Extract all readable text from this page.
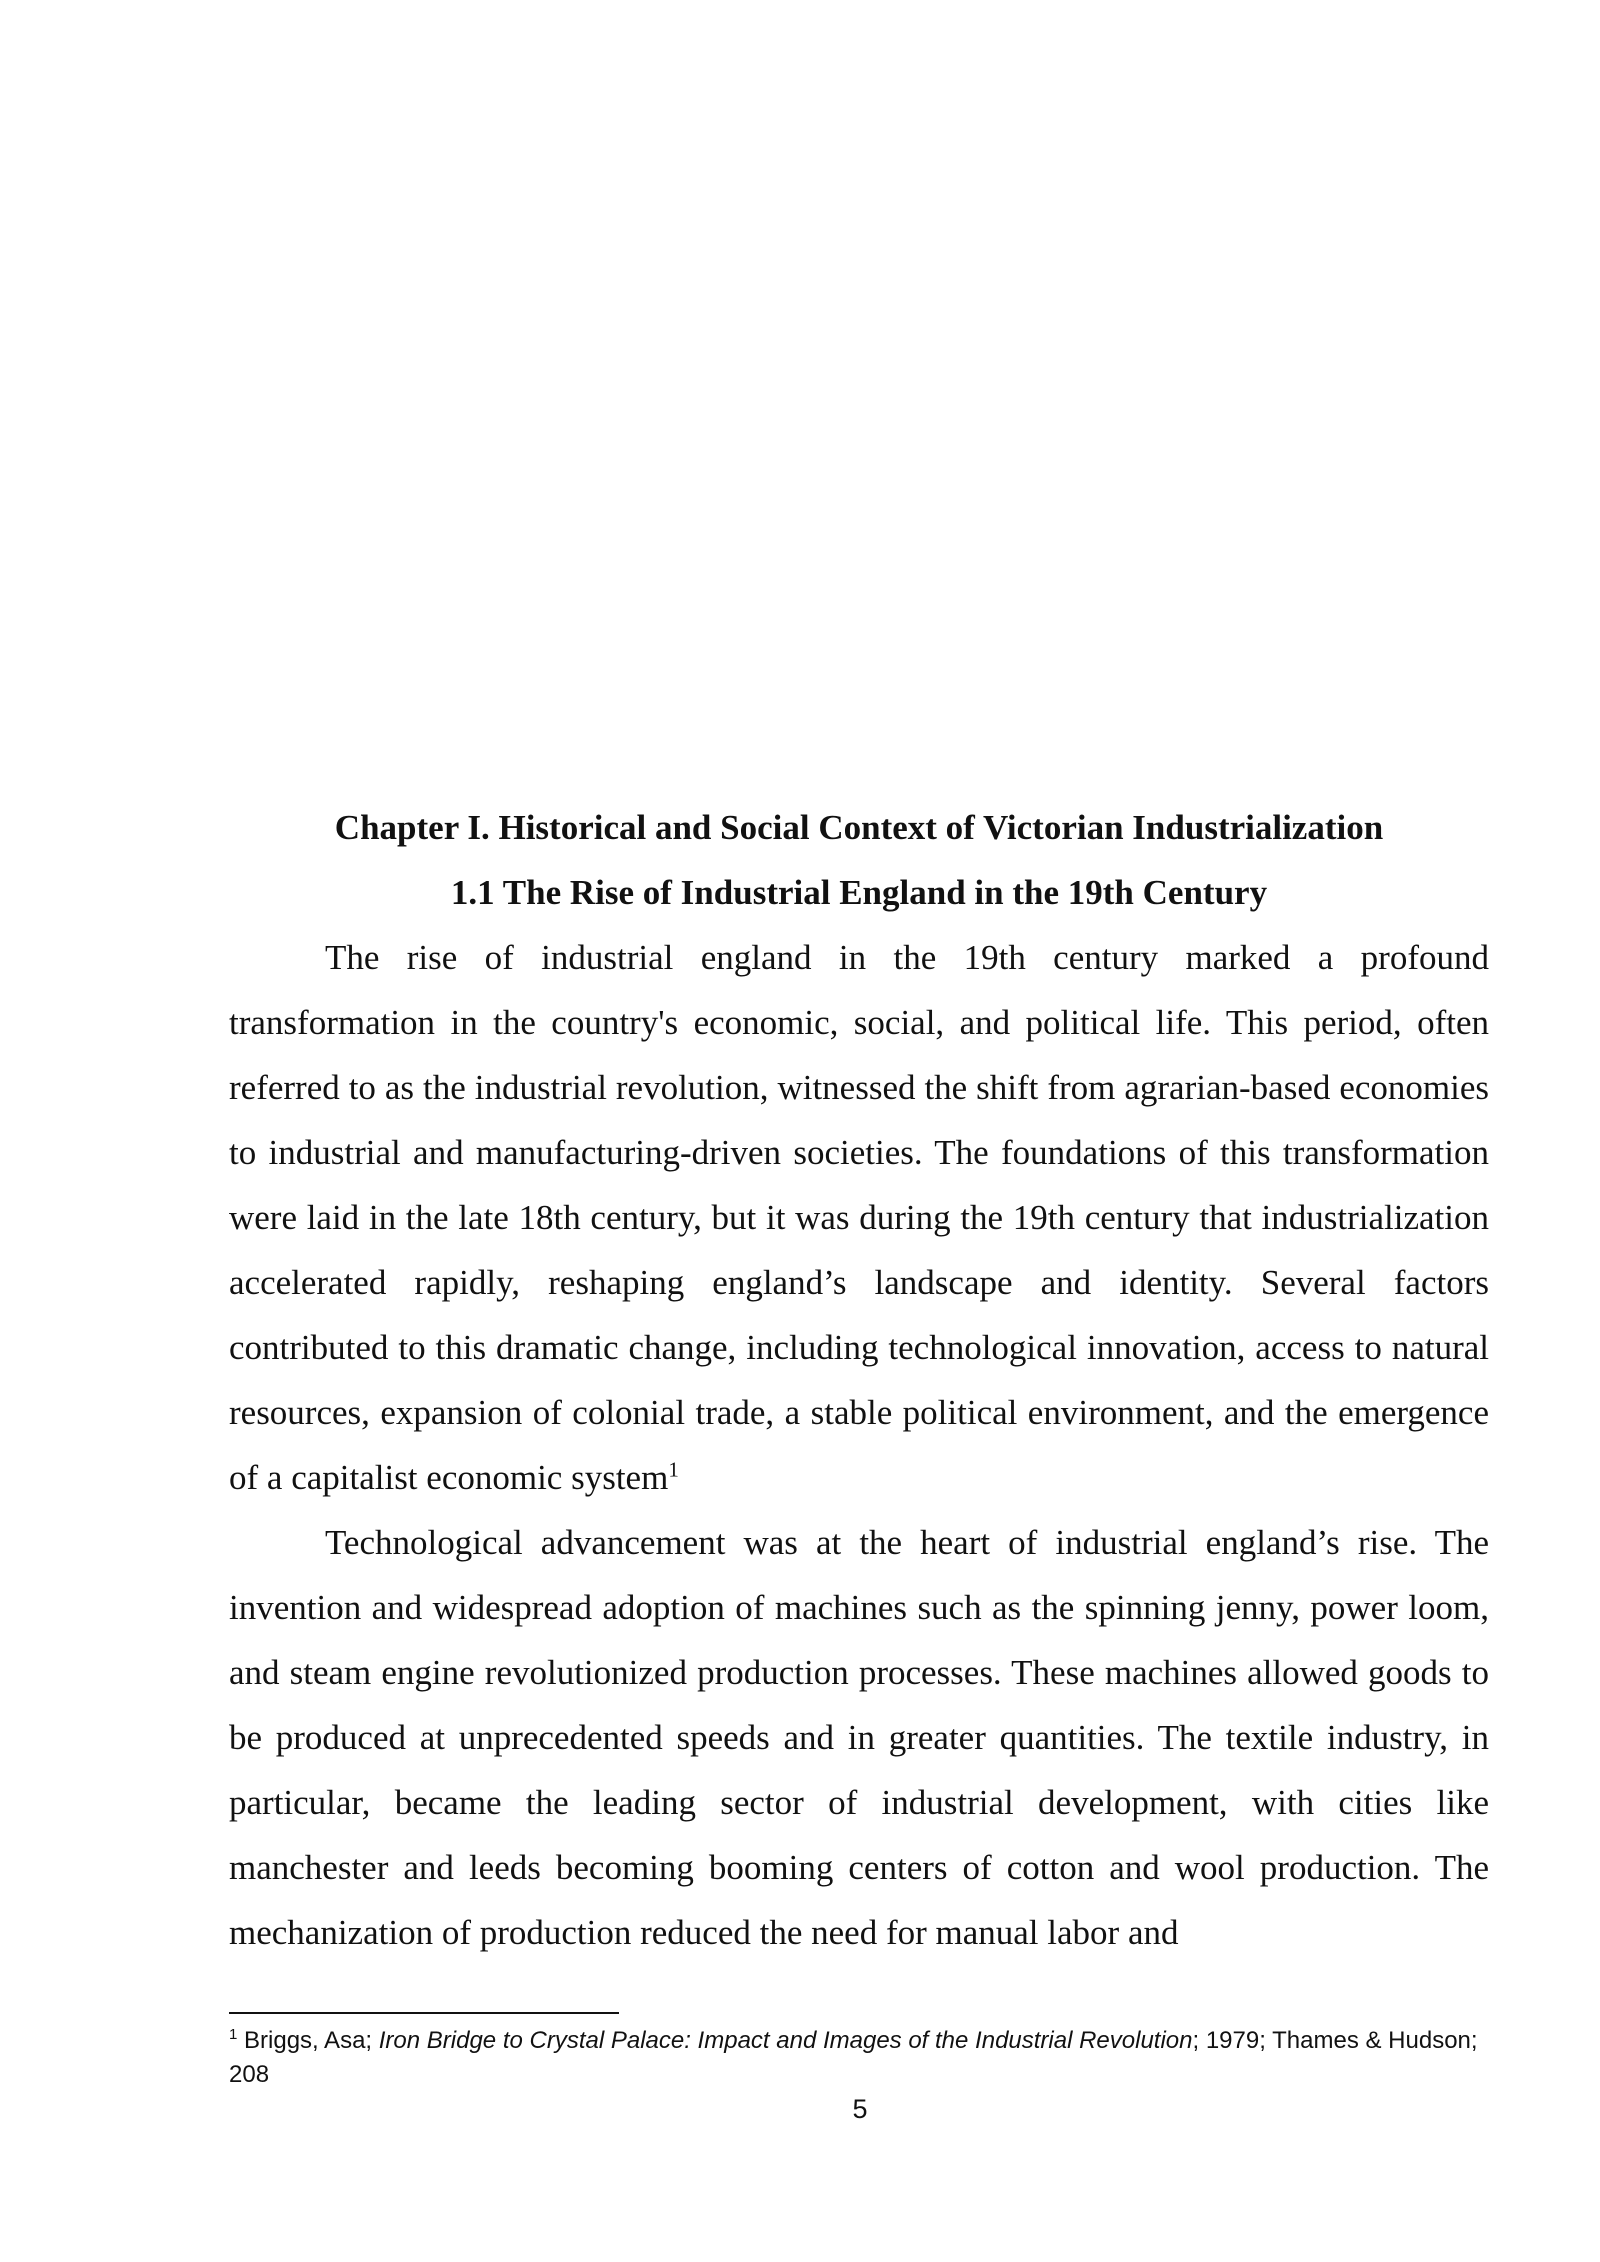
Chapter I. Historical and Social Context of Victorian Industrialization
1.1 The Rise of Industrial England in the 19th Century

The rise of industrial england in the 19th century marked a profound transformation in the country's economic, social, and political life. This period, often referred to as the industrial revolution, witnessed the shift from agrarian-based economies to industrial and manufacturing-driven societies. The foundations of this transformation were laid in the late 18th century, but it was during the 19th century that industrialization accelerated rapidly, reshaping england’s landscape and identity. Several factors contributed to this dramatic change, including technological innovation, access to natural resources, expansion of colonial trade, a stable political environment, and the emergence of a capitalist economic system$^1$

Technological advancement was at the heart of industrial england’s rise. The invention and widespread adoption of machines such as the spinning jenny, power loom, and steam engine revolutionized production processes. These machines allowed goods to be produced at unprecedented speeds and in greater quantities. The textile industry, in particular, became the leading sector of industrial development, with cities like manchester and leeds becoming booming centers of cotton and wool production. The mechanization of production reduced the need for manual labor and

$^1$ Briggs, Asa; Iron Bridge to Crystal Palace: Impact and Images of the Industrial Revolution; 1979; Thames & Hudson; 208
5
